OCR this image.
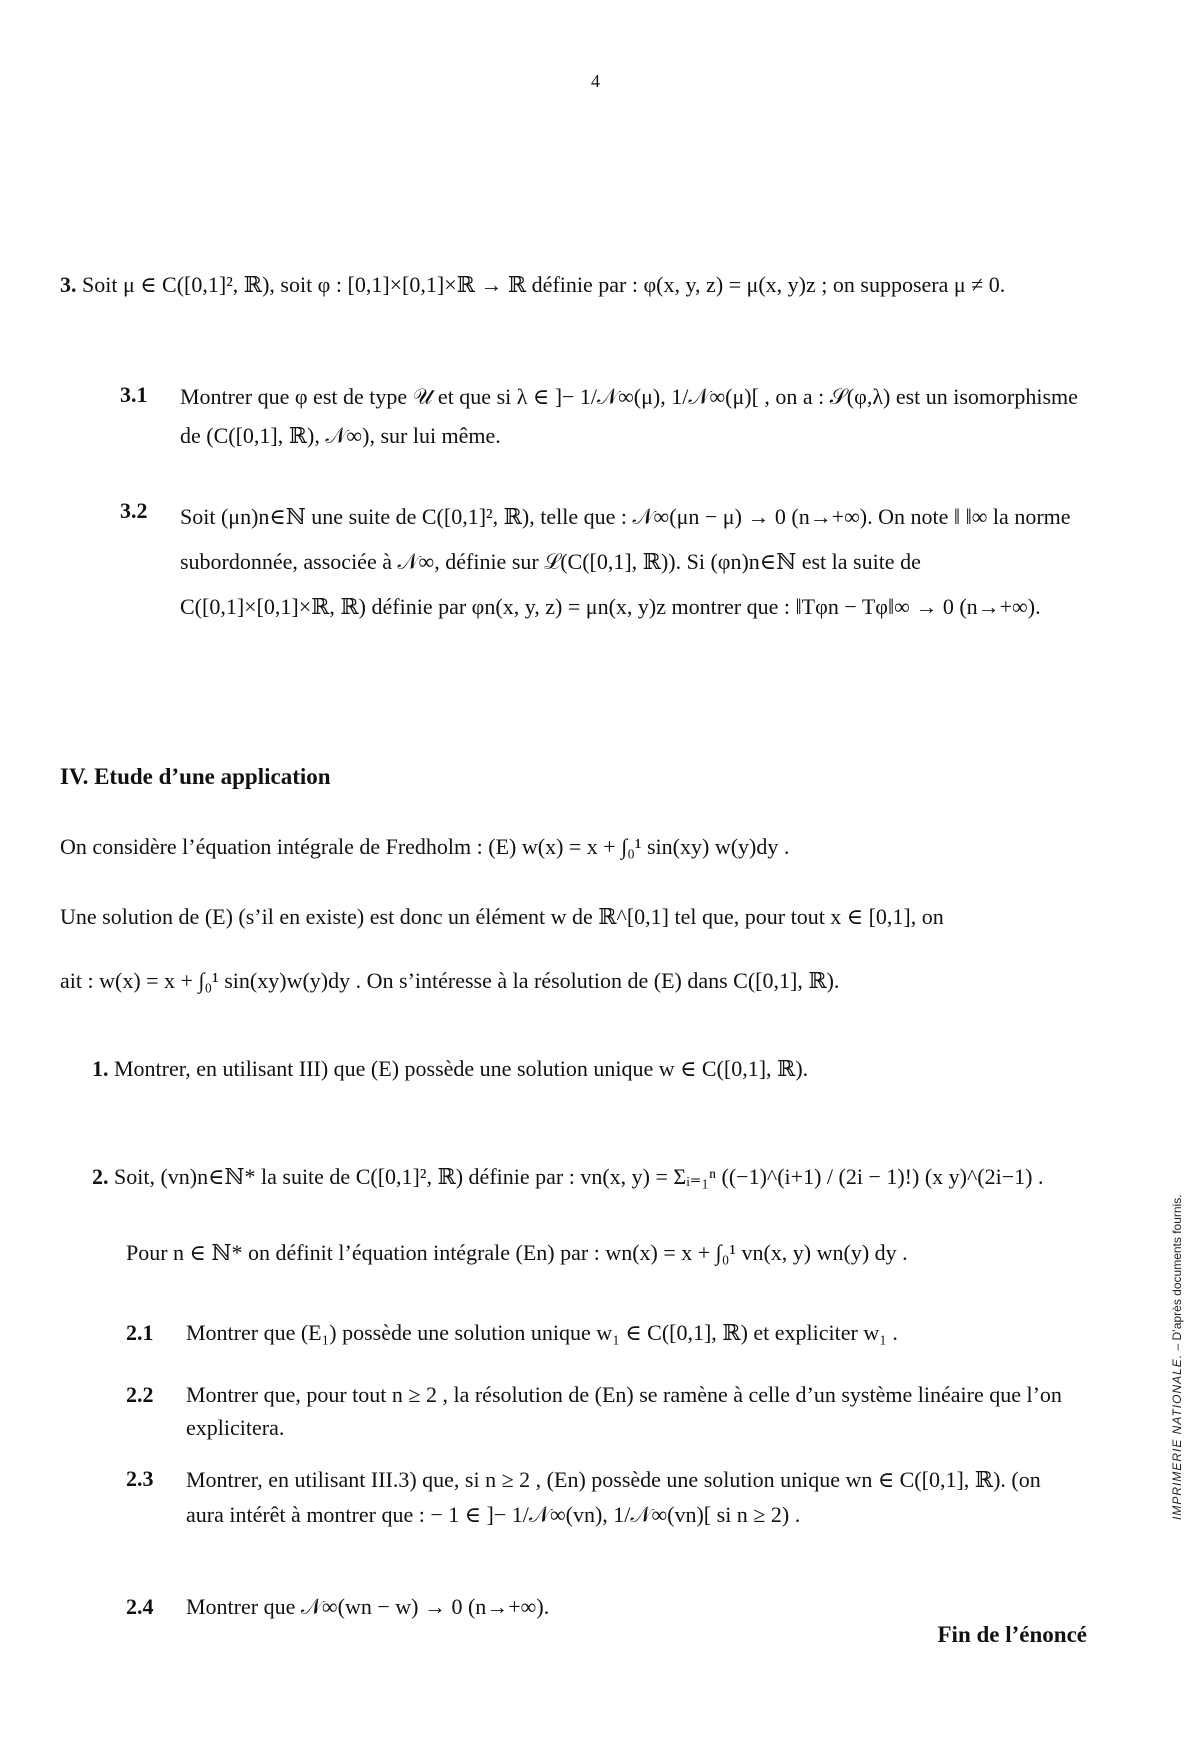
4
3. Soit μ ∈ C([0,1]², ℝ), soit φ : [0,1]×[0,1]×ℝ → ℝ définie par : φ(x, y, z) = μ(x, y)z ; on supposera μ ≠ 0.
3.1 Montrer que φ est de type 𝒰 et que si λ ∈ ]− 1/𝒩∞(μ), 1/𝒩∞(μ)[ , on a : 𝒮(φ,λ) est un isomorphisme de (C([0,1], ℝ), 𝒩∞), sur lui même.
3.2 Soit (μn)n∈ℕ une suite de C([0,1]², ℝ), telle que : 𝒩∞(μn − μ) → 0 (n→+∞). On note ‖ ‖∞ la norme subordonnée, associée à 𝒩∞, définie sur ℒ(C([0,1], ℝ)). Si (φn)n∈ℕ est la suite de C([0,1]×[0,1]×ℝ, ℝ) définie par φn(x, y, z) = μn(x, y)z montrer que : ‖Tφn − Tφ‖∞ → 0 (n→+∞).
IV. Etude d’une application
On considère l’équation intégrale de Fredholm : (E) w(x) = x + ∫₀¹ sin(xy) w(y)dy .
Une solution de (E) (s’il en existe) est donc un élément w de ℝ^[0,1] tel que, pour tout x ∈ [0,1], on
ait : w(x) = x + ∫₀¹ sin(xy)w(y)dy . On s’intéresse à la résolution de (E) dans C([0,1], ℝ).
1. Montrer, en utilisant III) que (E) possède une solution unique w ∈ C([0,1], ℝ).
2. Soit, (vn)n∈ℕ* la suite de C([0,1]², ℝ) définie par : vn(x, y) = Σᵢ₌₁ⁿ ((−1)^(i+1) / (2i − 1)!) (x y)^(2i−1) .
Pour n ∈ ℕ* on définit l’équation intégrale (En) par : wn(x) = x + ∫₀¹ vn(x, y) wn(y) dy .
2.1 Montrer que (E₁) possède une solution unique w₁ ∈ C([0,1], ℝ) et expliciter w₁ .
2.2 Montrer que, pour tout n ≥ 2 , la résolution de (En) se ramène à celle d’un système linéaire que l’on explicitera.
2.3 Montrer, en utilisant III.3) que, si n ≥ 2 , (En) possède une solution unique wn ∈ C([0,1], ℝ). (on aura intérêt à montrer que : − 1 ∈ ]− 1/𝒩∞(vn), 1/𝒩∞(vn)[ si n ≥ 2) .
2.4 Montrer que 𝒩∞(wn − w) → 0 (n→+∞).
Fin de l’énoncé
IMPRIMERIE NATIONALE. – D’après documents fournis.
